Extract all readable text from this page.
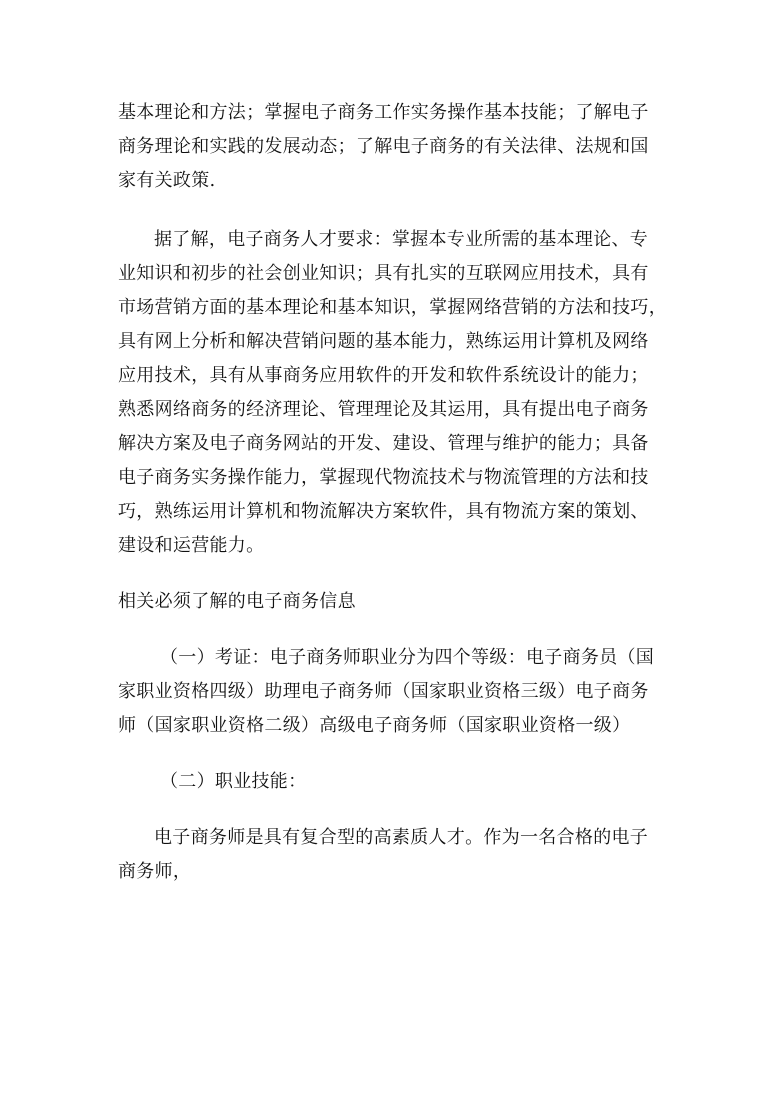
基本理论和方法；掌握电子商务工作实务操作基本技能；了解电子
商务理论和实践的发展动态；了解电子商务的有关法律、法规和国
家有关政策.
据了解，电子商务人才要求：掌握本专业所需的基本理论、专
业知识和初步的社会创业知识；具有扎实的互联网应用技术，具有
市场营销方面的基本理论和基本知识，掌握网络营销的方法和技巧，
具有网上分析和解决营销问题的基本能力，熟练运用计算机及网络
应用技术，具有从事商务应用软件的开发和软件系统设计的能力；
熟悉网络商务的经济理论、管理理论及其运用，具有提出电子商务
解决方案及电子商务网站的开发、建设、管理与维护的能力；具备
电子商务实务操作能力，掌握现代物流技术与物流管理的方法和技
巧，熟练运用计算机和物流解决方案软件，具有物流方案的策划、
建设和运营能力。
相关必须了解的电子商务信息
（一）考证：电子商务师职业分为四个等级：电子商务员（国
家职业资格四级）助理电子商务师（国家职业资格三级）电子商务
师（国家职业资格二级）高级电子商务师（国家职业资格一级）
（二）职业技能：
电子商务师是具有复合型的高素质人才。作为一名合格的电子
商务师，
